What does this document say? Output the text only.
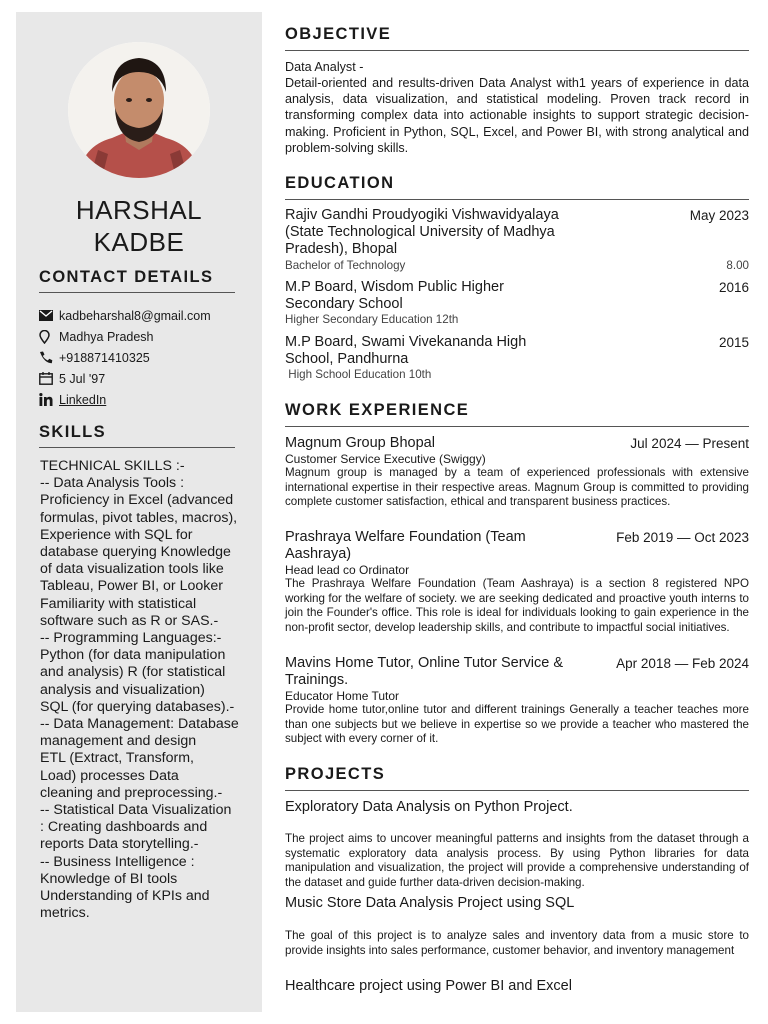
HARSHAL
KADBE
CONTACT DETAILS
kadbeharshal8@gmail.com
Madhya Pradesh
+918871410325
5 Jul '97
LinkedIn
SKILLS
TECHNICAL SKILLS :-
-- Data Analysis Tools :
Proficiency in Excel (advanced
formulas, pivot tables, macros),
Experience with SQL for
database querying Knowledge
of data visualization tools like
Tableau, Power BI, or Looker
Familiarity with statistical
software such as R or SAS.-
-- Programming Languages:-
Python (for data manipulation
and analysis) R (for statistical
analysis and visualization)
SQL (for querying databases).-
-- Data Management: Database
management and design
ETL (Extract, Transform,
Load) processes Data
cleaning and preprocessing.-
-- Statistical Data Visualization
: Creating dashboards and
reports Data storytelling.-
-- Business Intelligence :
Knowledge of BI tools
Understanding of KPIs and
metrics.
OBJECTIVE
Data Analyst -
Detail-oriented and results-driven Data Analyst with1 years of experience in data analysis, data visualization, and statistical modeling. Proven track record in transforming complex data into actionable insights to support strategic decision-making. Proficient in Python, SQL, Excel, and Power BI, with strong analytical and problem-solving skills.
EDUCATION
Rajiv Gandhi Proudyogiki Vishwavidyalaya (State Technological University of Madhya Pradesh), Bhopal
May 2023
Bachelor of Technology	8.00
M.P Board, Wisdom Public Higher Secondary School
2016
Higher Secondary Education 12th
M.P Board, Swami Vivekananda High School, Pandhurna
2015
High School Education 10th
WORK EXPERIENCE
Magnum Group Bhopal	Jul 2024 — Present
Customer Service Executive (Swiggy)
Magnum group is managed by a team of experienced professionals with extensive international expertise in their respective areas. Magnum Group is committed to providing complete customer satisfaction, ethical and transparent business practices.
Prashraya Welfare Foundation (Team Aashraya)
Feb 2019 — Oct 2023
Head lead co Ordinator
The Prashraya Welfare Foundation (Team Aashraya) is a section 8 registered NPO working for the welfare of society. we are seeking dedicated and proactive youth interns to join the Founder's office. This role is ideal for individuals looking to gain experience in the non-profit sector, develop leadership skills, and contribute to impactful social initiatives.
Mavins Home Tutor, Online Tutor Service & Trainings.
Apr 2018 — Feb 2024
Educator Home Tutor
Provide home tutor,online tutor and different trainings Generally a teacher teaches more than one subjects but we believe in expertise so we provide a teacher who mastered the subject with every corner of it.
PROJECTS
Exploratory Data Analysis on Python Project.
The project aims to uncover meaningful patterns and insights from the dataset through a systematic exploratory data analysis process. By using Python libraries for data manipulation and visualization, the project will provide a comprehensive understanding of the dataset and guide further data-driven decision-making.
Music Store Data Analysis Project using SQL
The goal of this project is to analyze sales and inventory data from a music store to provide insights into sales performance, customer behavior, and inventory management
Healthcare project using Power BI and Excel
